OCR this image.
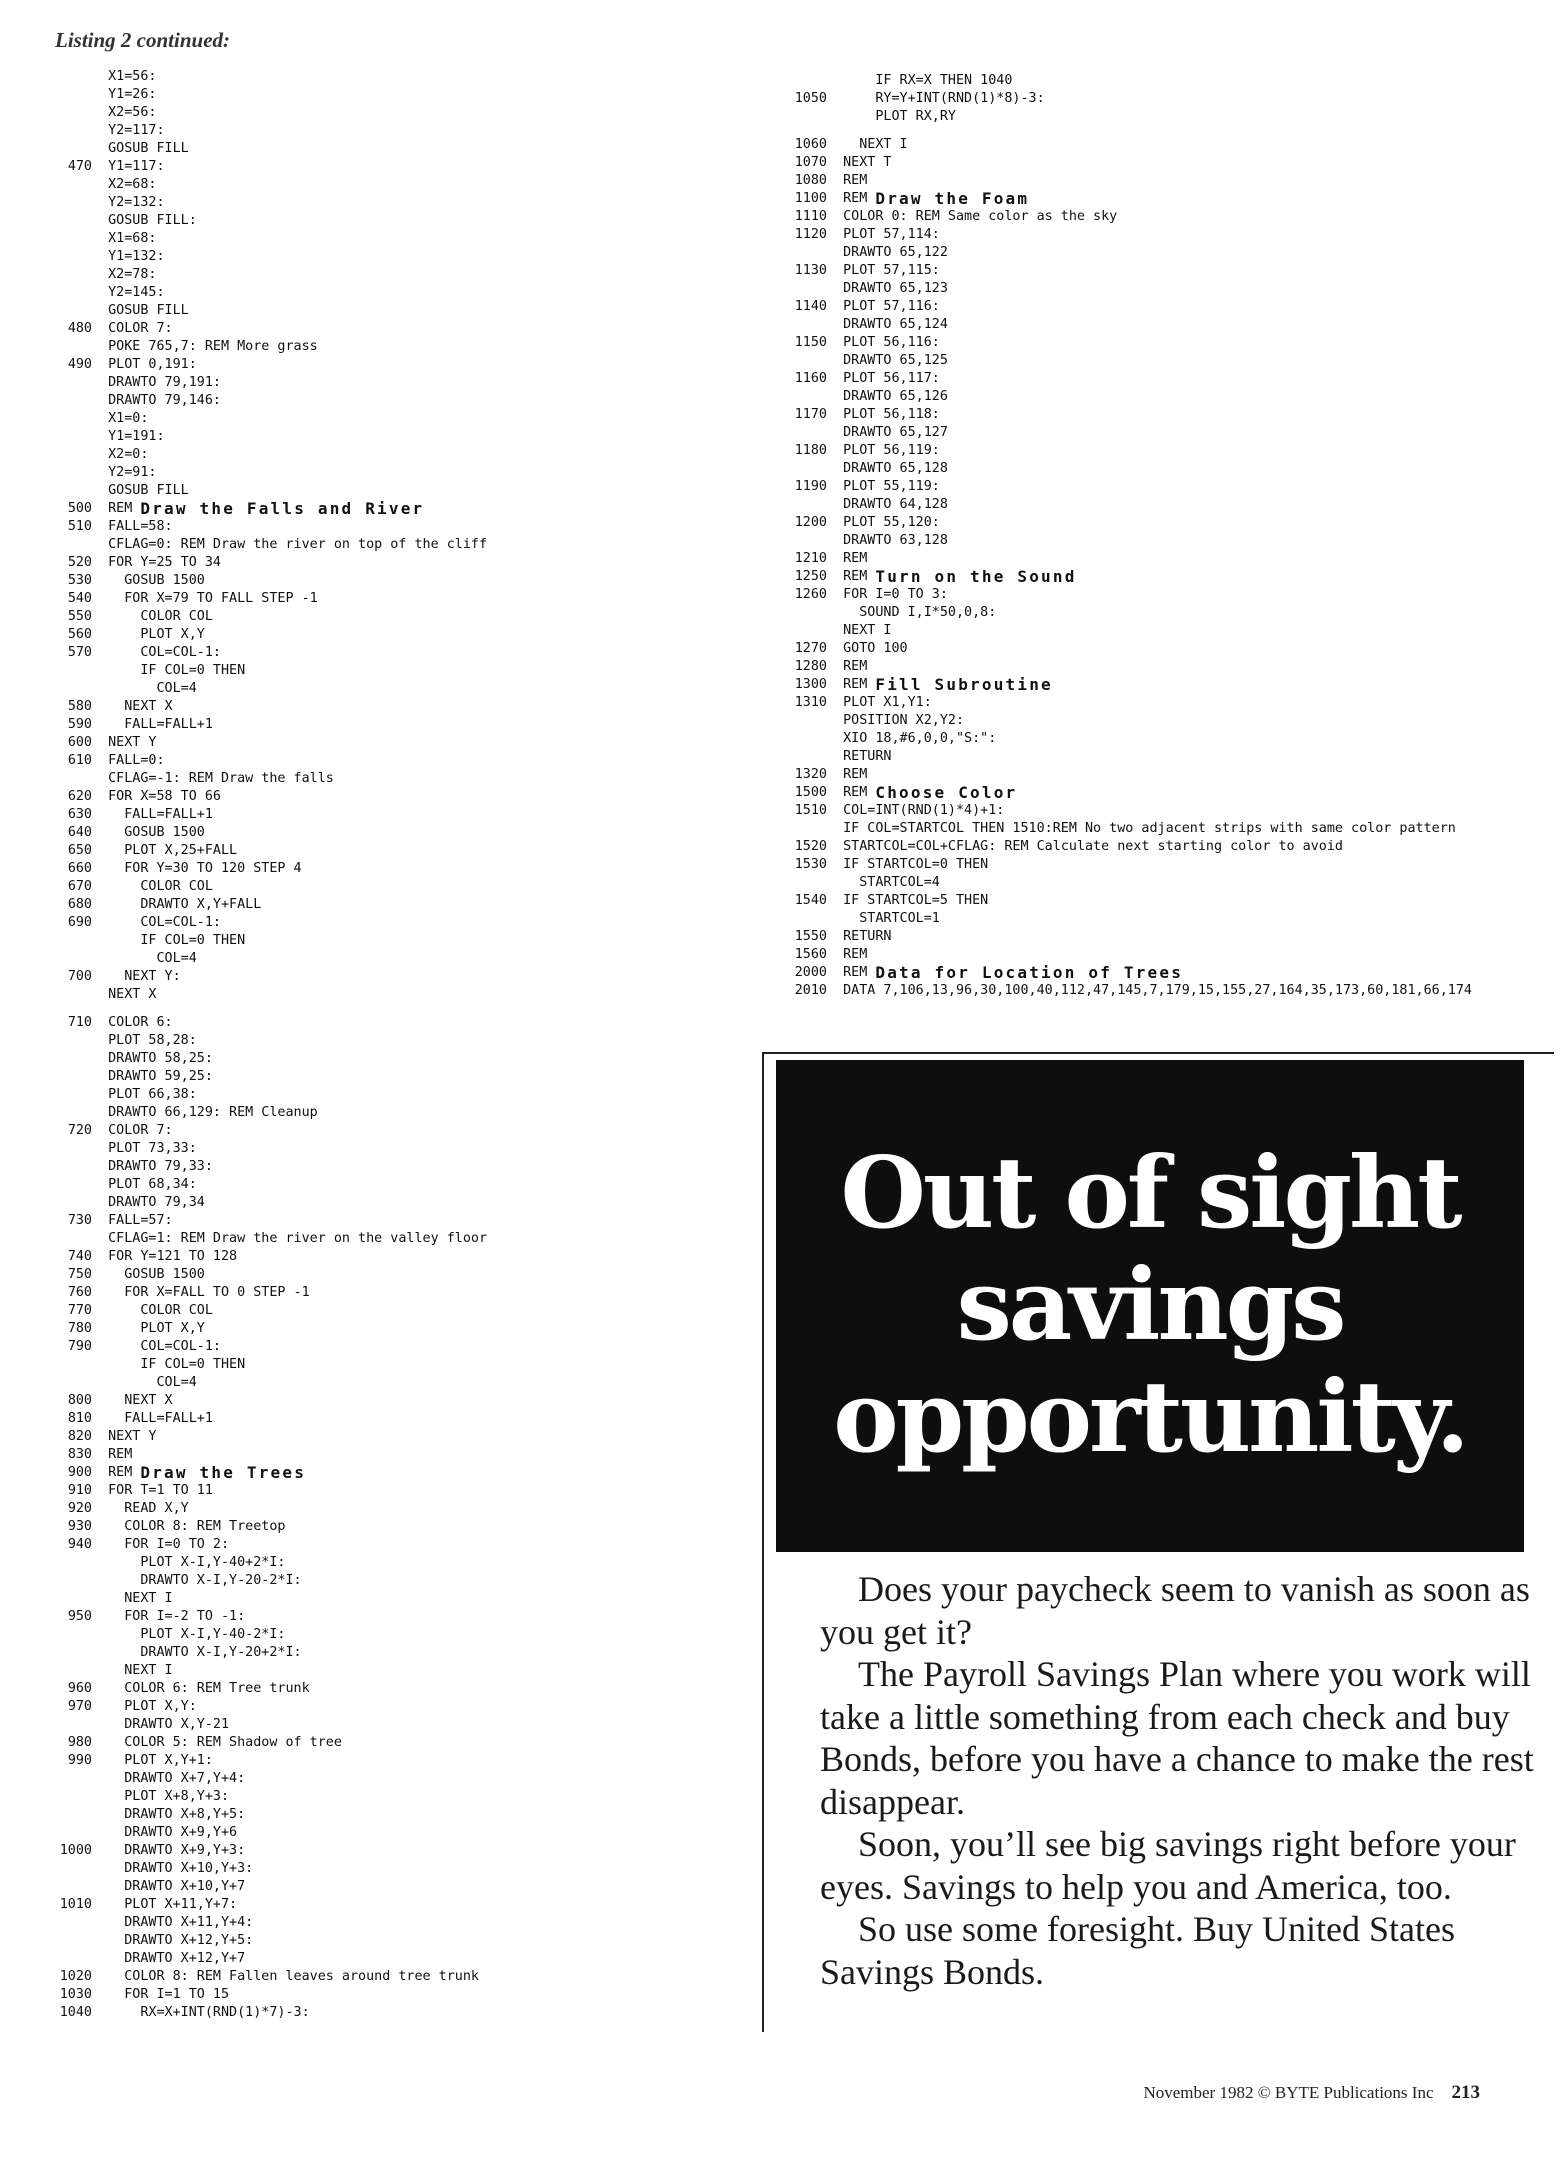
Listing 2 continued:

X1=56:

Y1=26:

X2=56:

Y2=117:

GOSUB FILL
470
Y1=117:

X2=68:

Y2=132:

GOSUB FILL:

X1=68:

Y1=132:

X2=78:

Y2=145:

GOSUB FILL
480
COLOR 7:

POKE 765,7: REM More grass
490
PLOT 0,191:

DRAWTO 79,191:

DRAWTO 79,146:

X1=0:

Y1=191:

X2=0:

Y2=91:

GOSUB FILL
500
REM Draw the Falls and River
510
FALL=58:

CFLAG=0: REM Draw the river on top of the cliff
520
FOR Y=25 TO 34
530
GOSUB 1500
540
FOR X=79 TO FALL STEP -1
550
COLOR COL
560
PLOT X,Y
570
COL=COL-1:

IF COL=0 THEN

COL=4
580
NEXT X
590
FALL=FALL+1
600
NEXT Y
610
FALL=0:

CFLAG=-1: REM Draw the falls
620
FOR X=58 TO 66
630
FALL=FALL+1
640
GOSUB 1500
650
PLOT X,25+FALL
660
FOR Y=30 TO 120 STEP 4
670
COLOR COL
680
DRAWTO X,Y+FALL
690
COL=COL-1:

IF COL=0 THEN

COL=4
700
NEXT Y:

NEXT X
710
COLOR 6:

PLOT 58,28:

DRAWTO 58,25:

DRAWTO 59,25:

PLOT 66,38:

DRAWTO 66,129: REM Cleanup
720
COLOR 7:

PLOT 73,33:

DRAWTO 79,33:

PLOT 68,34:

DRAWTO 79,34
730
FALL=57:

CFLAG=1: REM Draw the river on the valley floor
740
FOR Y=121 TO 128
750
GOSUB 1500
760
FOR X=FALL TO 0 STEP -1
770
COLOR COL
780
PLOT X,Y
790
COL=COL-1:

IF COL=0 THEN

COL=4
800
NEXT X
810
FALL=FALL+1
820
NEXT Y
830
REM
900
REM Draw the Trees
910
FOR T=1 TO 11
920
READ X,Y
930
COLOR 8: REM Treetop
940
FOR I=0 TO 2:

PLOT X-I,Y-40+2*I:

DRAWTO X-I,Y-20-2*I:

NEXT I
950
FOR I=-2 TO -1:

PLOT X-I,Y-40-2*I:

DRAWTO X-I,Y-20+2*I:

NEXT I
960
COLOR 6: REM Tree trunk
970
PLOT X,Y:

DRAWTO X,Y-21
980
COLOR 5: REM Shadow of tree
990
PLOT X,Y+1:

DRAWTO X+7,Y+4:

PLOT X+8,Y+3:

DRAWTO X+8,Y+5:

DRAWTO X+9,Y+6
1000
DRAWTO X+9,Y+3:

DRAWTO X+10,Y+3:

DRAWTO X+10,Y+7
1010
PLOT X+11,Y+7:

DRAWTO X+11,Y+4:

DRAWTO X+12,Y+5:

DRAWTO X+12,Y+7
1020
COLOR 8: REM Fallen leaves around tree trunk
1030
FOR I=1 TO 15
1040
RX=X+INT(RND(1)*7)-3:

IF RX=X THEN 1040
1050
RY=Y+INT(RND(1)*8)-3:

PLOT RX,RY
1060
NEXT I
1070
NEXT T
1080
REM
1100
REM Draw the Foam
1110
COLOR 0: REM Same color as the sky
1120
PLOT 57,114:

DRAWTO 65,122
1130
PLOT 57,115:

DRAWTO 65,123
1140
PLOT 57,116:

DRAWTO 65,124
1150
PLOT 56,116:

DRAWTO 65,125
1160
PLOT 56,117:

DRAWTO 65,126
1170
PLOT 56,118:

DRAWTO 65,127
1180
PLOT 56,119:

DRAWTO 65,128
1190
PLOT 55,119:

DRAWTO 64,128
1200
PLOT 55,120:

DRAWTO 63,128
1210
REM
1250
REM Turn on the Sound
1260
FOR I=0 TO 3:

SOUND I,I*50,0,8:

NEXT I
1270
GOTO 100
1280
REM
1300
REM Fill Subroutine
1310
PLOT X1,Y1:

POSITION X2,Y2:

XIO 18,#6,0,0,"S:":

RETURN
1320
REM
1500
REM Choose Color
1510
COL=INT(RND(1)*4)+1:

IF COL=STARTCOL THEN 1510:REM No two adjacent strips with same color pattern
1520
STARTCOL=COL+CFLAG: REM Calculate next starting color to avoid
1530
IF STARTCOL=0 THEN

STARTCOL=4
1540
IF STARTCOL=5 THEN

STARTCOL=1
1550
RETURN
1560
REM
2000
REM Data for Location of Trees
2010
DATA 7,106,13,96,30,100,40,112,47,145,7,179,15,155,27,164,35,173,60,181,66,174
Out of sight
savings
opportunity.

Does your paycheck seem to vanish as soon as you get it?

The Payroll Savings Plan where you work will take a little something from each check and buy Bonds, before you have a chance to make the rest disappear.

Soon, you’ll see big savings right before your eyes. Savings to help you and America, too.

So use some foresight. Buy United States Savings Bonds.

November 1982 © BYTE Publications Inc 213
